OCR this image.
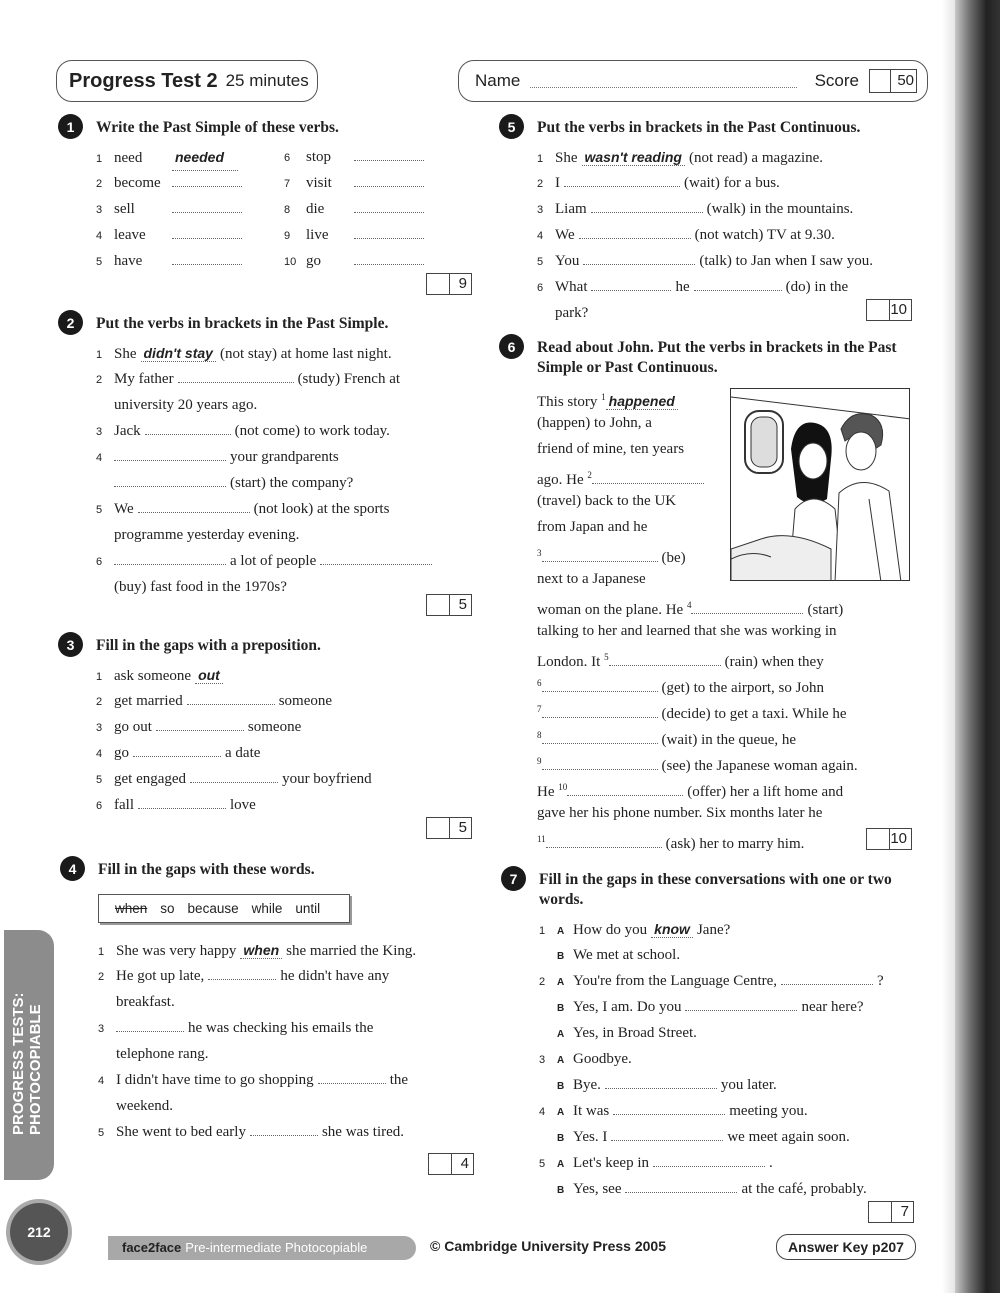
Progress Test 2 25 minutes	Name	Score	50
1	Write the Past Simple of these verbs.
1 need needed
2 become
3 sell
4 leave
5 have
6 stop
7 visit
8 die
9 live
10 go
9
2	Put the verbs in brackets in the Past Simple.
1 She didn't stay (not stay) at home last night.
2 My father	(study) French at
university 20 years ago.
3 Jack	(not come) to work today.
4	your grandparents
(start) the company?
5 We	(not look) at the sports
programme yesterday evening.
6	a lot of people
(buy) fast food in the 1970s?
5
3	Fill in the gaps with a preposition.
1 ask someone out
2 get married	someone
3 go out	someone
4 go	a date
5 get engaged	your boyfriend
6 fall	love
5
4	Fill in the gaps with these words.
when so because while until
1 She was very happy when she married the King.
2 He got up late,	he didn't have any
breakfast.
3	he was checking his emails the
telephone rang.
4 I didn't have time to go shopping	the
weekend.
5 She went to bed early	she was tired.
4
5	Put the verbs in brackets in the Past Continuous.
1 She wasn't reading (not read) a magazine.
2 I	(wait) for a bus.
3 Liam	(walk) in the mountains.
4 We	(not watch) TV at 9.30.
5 You	(talk) to Jan when I saw you.
6 What	he	(do) in the
park?	10
6	Read about John. Put the verbs in brackets in the Past Simple or Past Continuous.
This story $^1$ happened
(happen) to John, a
friend of mine, ten years
ago. He $^2$
(travel) back to the UK
from Japan and he
$^3$	(be)
next to a Japanese
woman on the plane. He $^4$	(start)
talking to her and learned that she was working in
London. It $^5$	(rain) when they
$^6$	(get) to the airport, so John
$^7$	(decide) to get a taxi. While he
$^8$	(wait) in the queue, he
$^9$	(see) the Japanese woman again.
He $^{10}$	(offer) her a lift home and
gave her his phone number. Six months later he
$^{11}$	(ask) her to marry him.	10
7	Fill in the gaps in these conversations with one or two words.
1 A How do you know Jane?
B We met at school.
2 A You're from the Language Centre,	?
B Yes, I am. Do you	near here?
A Yes, in Broad Street.
3 A Goodbye.
B Bye.	you later.
4 A It was	meeting you.
B Yes. I	we meet again soon.
5 A Let's keep in	.
B Yes, see	at the café, probably.
7
PROGRESS TESTS: PHOTOCOPIABLE
212
face2face Pre-intermediate Photocopiable	© Cambridge University Press 2005	Answer Key p207
